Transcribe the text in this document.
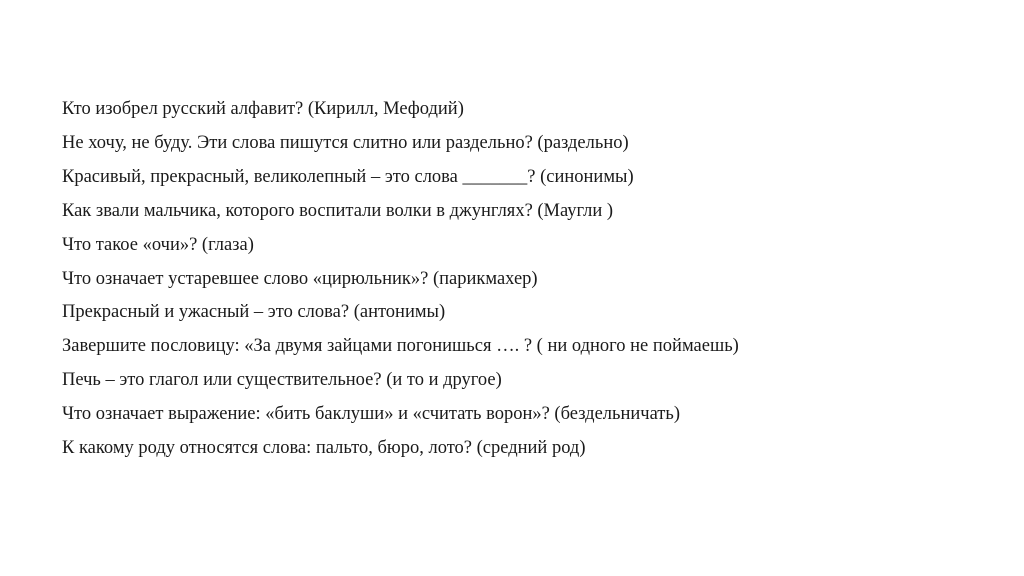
Кто изобрел русский алфавит? (Кирилл, Мефодий)
Не хочу, не буду. Эти слова пишутся слитно или раздельно? (раздельно)
Красивый, прекрасный, великолепный – это слова _______? (синонимы)
Как звали мальчика, которого воспитали волки в джунглях? (Маугли )
Что такое «очи»? (глаза)
Что означает устаревшее слово «цирюльник»? (парикмахер)
Прекрасный и ужасный – это слова? (антонимы)
Завершите пословицу: «За двумя зайцами погонишься …. ? ( ни одного не поймаешь)
Печь – это глагол или существительное? (и то и другое)
Что означает выражение: «бить баклуши» и «считать ворон»? (бездельничать)
К какому роду относятся слова: пальто, бюро, лото? (средний род)
